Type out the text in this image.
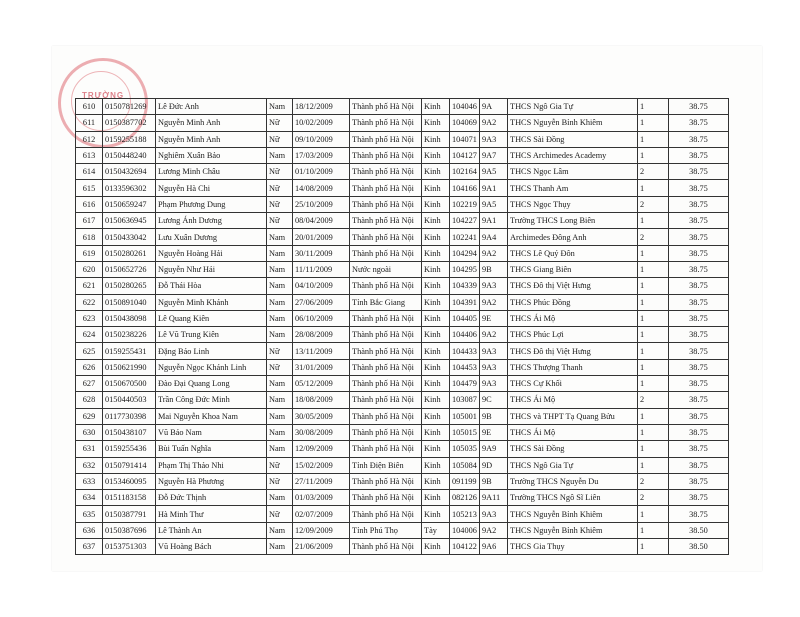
TRƯỜNG
610	0150781269	Lê Đức Anh	Nam	18/12/2009	Thành phố Hà Nội	Kinh	104046	9A	THCS Ngô Gia Tự	1	38.75
611	0150387702	Nguyễn Minh Anh	Nữ	10/02/2009	Thành phố Hà Nội	Kinh	104069	9A2	THCS Nguyễn Bỉnh Khiêm	1	38.75
612	0159255188	Nguyễn Minh Anh	Nữ	09/10/2009	Thành phố Hà Nội	Kinh	104071	9A3	THCS Sài Đồng	1	38.75
613	0150448240	Nghiêm Xuân Bảo	Nam	17/03/2009	Thành phố Hà Nội	Kinh	104127	9A7	THCS Archimedes Academy	1	38.75
614	0150432694	Lương Minh Châu	Nữ	01/10/2009	Thành phố Hà Nội	Kinh	102164	9A5	THCS Ngọc Lâm	2	38.75
615	0133596302	Nguyễn Hà Chi	Nữ	14/08/2009	Thành phố Hà Nội	Kinh	104166	9A1	THCS Thanh Am	1	38.75
616	0150659247	Phạm Phương Dung	Nữ	25/10/2009	Thành phố Hà Nội	Kinh	102219	9A5	THCS Ngọc Thụy	2	38.75
617	0150636945	Lương Ánh Dương	Nữ	08/04/2009	Thành phố Hà Nội	Kinh	104227	9A1	Trường THCS Long Biên	1	38.75
618	0150433042	Lưu Xuân Dương	Nam	20/01/2009	Thành phố Hà Nội	Kinh	102241	9A4	Archimedes Đông Anh	2	38.75
619	0150280261	Nguyễn Hoàng Hải	Nam	30/11/2009	Thành phố Hà Nội	Kinh	104294	9A2	THCS Lê Quý Đôn	1	38.75
620	0150652726	Nguyễn Như Hải	Nam	11/11/2009	Nước ngoài	Kinh	104295	9B	THCS Giang Biên	1	38.75
621	0150280265	Đỗ Thái Hòa	Nam	04/10/2009	Thành phố Hà Nội	Kinh	104339	9A3	THCS Đô thị Việt Hưng	1	38.75
622	0150891040	Nguyễn Minh Khánh	Nam	27/06/2009	Tỉnh Bắc Giang	Kinh	104391	9A2	THCS Phúc Đồng	1	38.75
623	0150438098	Lê Quang Kiên	Nam	06/10/2009	Thành phố Hà Nội	Kinh	104405	9E	THCS Ái Mộ	1	38.75
624	0150238226	Lê Vũ Trung Kiên	Nam	28/08/2009	Thành phố Hà Nội	Kinh	104406	9A2	THCS Phúc Lợi	1	38.75
625	0159255431	Đặng Bảo Linh	Nữ	13/11/2009	Thành phố Hà Nội	Kinh	104433	9A3	THCS Đô thị Việt Hưng	1	38.75
626	0150621990	Nguyễn Ngọc Khánh Linh	Nữ	31/01/2009	Thành phố Hà Nội	Kinh	104453	9A3	THCS Thượng Thanh	1	38.75
627	0150670500	Đào Đại Quang Long	Nam	05/12/2009	Thành phố Hà Nội	Kinh	104479	9A3	THCS Cự Khối	1	38.75
628	0150440503	Trần Công Đức Minh	Nam	18/08/2009	Thành phố Hà Nội	Kinh	103087	9C	THCS Ái Mộ	2	38.75
629	0117730398	Mai Nguyễn Khoa Nam	Nam	30/05/2009	Thành phố Hà Nội	Kinh	105001	9B	THCS và THPT Tạ Quang Bửu	1	38.75
630	0150438107	Vũ Bảo Nam	Nam	30/08/2009	Thành phố Hà Nội	Kinh	105015	9E	THCS Ái Mộ	1	38.75
631	0159255436	Bùi Tuấn Nghĩa	Nam	12/09/2009	Thành phố Hà Nội	Kinh	105035	9A9	THCS Sài Đồng	1	38.75
632	0150791414	Phạm Thị Thảo Nhi	Nữ	15/02/2009	Tỉnh Điện Biên	Kinh	105084	9D	THCS Ngô Gia Tự	1	38.75
633	0153460095	Nguyễn Hà Phương	Nữ	27/11/2009	Thành phố Hà Nội	Kinh	091199	9B	Trường THCS Nguyễn Du	2	38.75
634	0151183158	Đỗ Đức Thịnh	Nam	01/03/2009	Thành phố Hà Nội	Kinh	082126	9A11	Trường THCS Ngô Sĩ Liên	2	38.75
635	0150387791	Hà Minh Thư	Nữ	02/07/2009	Thành phố Hà Nội	Kinh	105213	9A3	THCS Nguyễn Bỉnh Khiêm	1	38.75
636	0150387696	Lê Thành An	Nam	12/09/2009	Tỉnh Phú Thọ	Tày	104006	9A2	THCS Nguyễn Bỉnh Khiêm	1	38.50
637	0153751303	Vũ Hoàng Bách	Nam	21/06/2009	Thành phố Hà Nội	Kinh	104122	9A6	THCS Gia Thụy	1	38.50
